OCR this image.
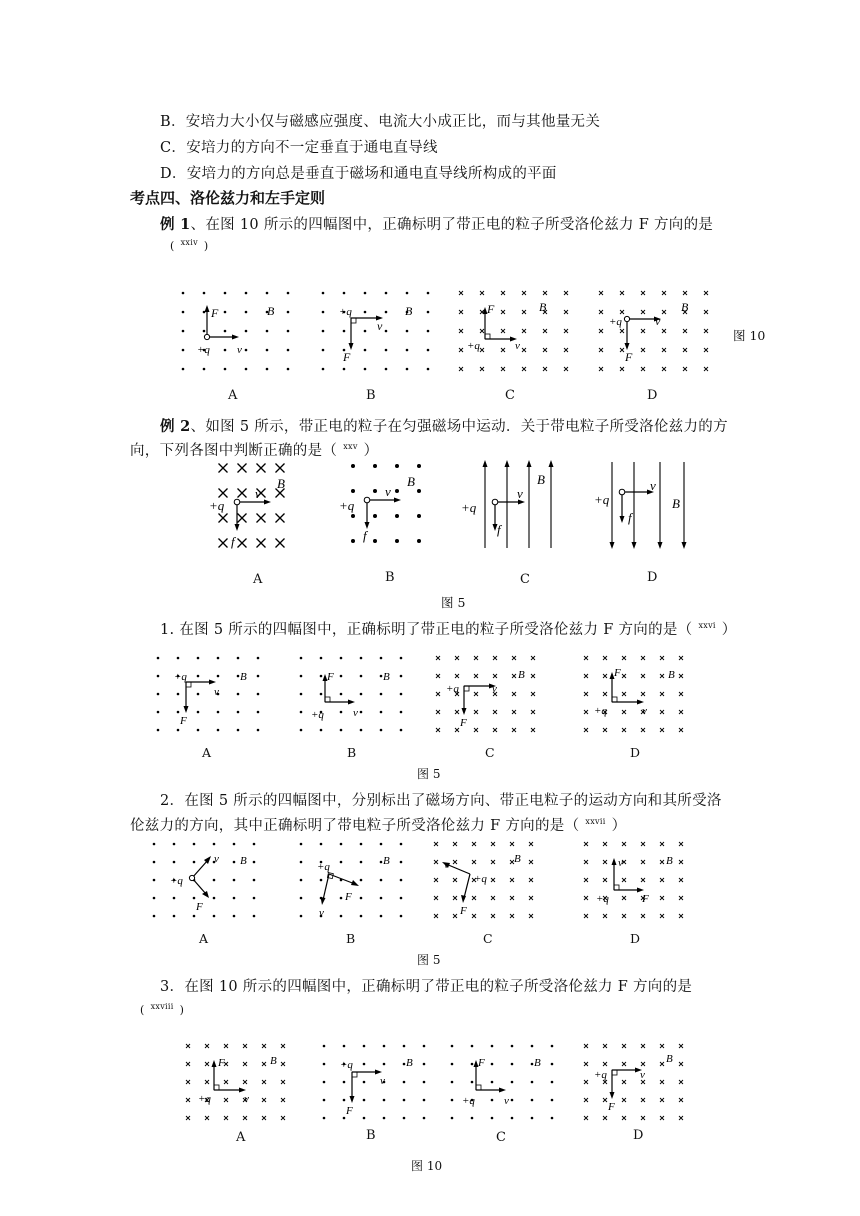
B．安培力大小仅与磁感应强度、电流大小成正比，而与其他量无关
C．安培力的方向不一定垂直于通电直导线
D．安培力的方向总是垂直于磁场和通电直导线所构成的平面
考点四、洛伦兹力和左手定则
例 1、在图 10 所示的四幅图中，正确标明了带正电的粒子所受洛伦兹力 F 方向的是
( $^{xxiv}$ )
F	B
+q v
+q
v
B
F
F	B
+q	v
+q	v
B
F
图 10
A	B	C	D
例 2、如图 5 所示，带正电的粒子在匀强磁场中运动．关于带电粒子所受洛伦兹力的方
向，下列各图中判断正确的是（ $^{xxv}$ ）
+q
v
B
f
+q
v
B
f
+q
v
B
f
+q
v
B
f
A	B	C	D
图 5
1. 在图 5 所示的四幅图中，正确标明了带正电的粒子所受洛伦兹力 F 方向的是（ $^{xxvi}$ ）
+q
v
B
F
F	B
+q	v
+q	v
B
F
F	B
+q	v
A	B	C	D
图 5
2．在图 5 所示的四幅图中，分别标出了磁场方向、带正电粒子的运动方向和其所受洛
伦兹力的方向，其中正确标明了带电粒子所受洛伦兹力 F 方向的是（ $^{xxvii}$ ）
+q
v B
F
+q	B
F
v
v
+q
B
F
v	B
+q	F
A	B	C	D
图 5
3．在图 10 所示的四幅图中，正确标明了带正电的粒子所受洛伦兹力 F 方向的是
( $^{xxviii}$ )
F	B
+q	v
+q
v
B
F
F	B
+q	v
+q	v
B
F
A	B	C	D
图 10
